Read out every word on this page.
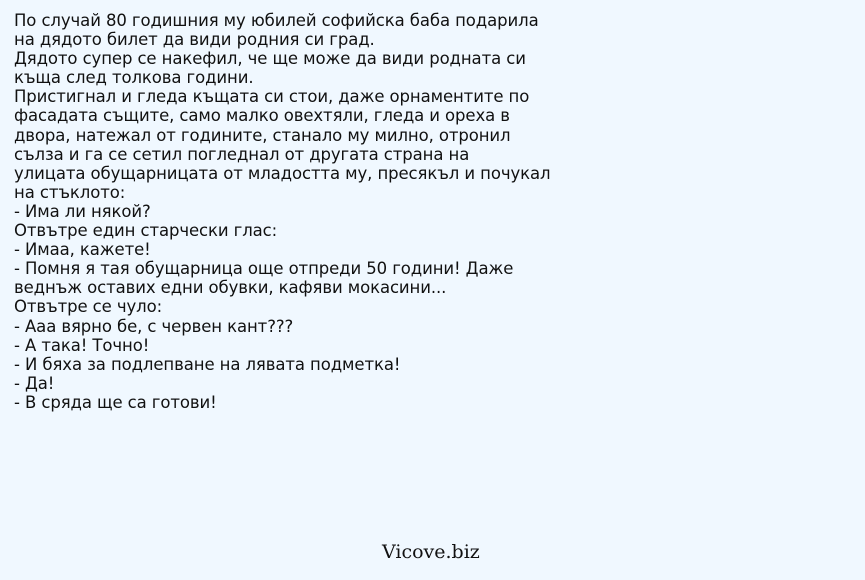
По случай 80 годишния му юбилей софийска баба подарила
на дядото билет да види родния си град.
Дядото супер се накефил, че ще може да види родната си
къща след толкова години.
Пристигнал и гледа къщата си стои, даже орнаментите по
фасадата същите, само малко овехтяли, гледа и ореха в
двора, натежал от годините, станало му милно, отронил
сълза и га се сетил погледнал от другата страна на
улицата обущарницата от младостта му, пресякъл и почукал
на стъклото:
- Има ли някой?
Отвътре един старчески глас:
- Имаа, кажете!
- Помня я тая обущарница още отпреди 50 години! Даже
веднъж оставих едни обувки, кафяви мокасини...
Отвътре се чуло:
- Ааа вярно бе, с червен кант???
- А така! Точно!
- И бяха за подлепване на лявата подметка!
- Да!
- В сряда ще са готови!
Vicove.biz
